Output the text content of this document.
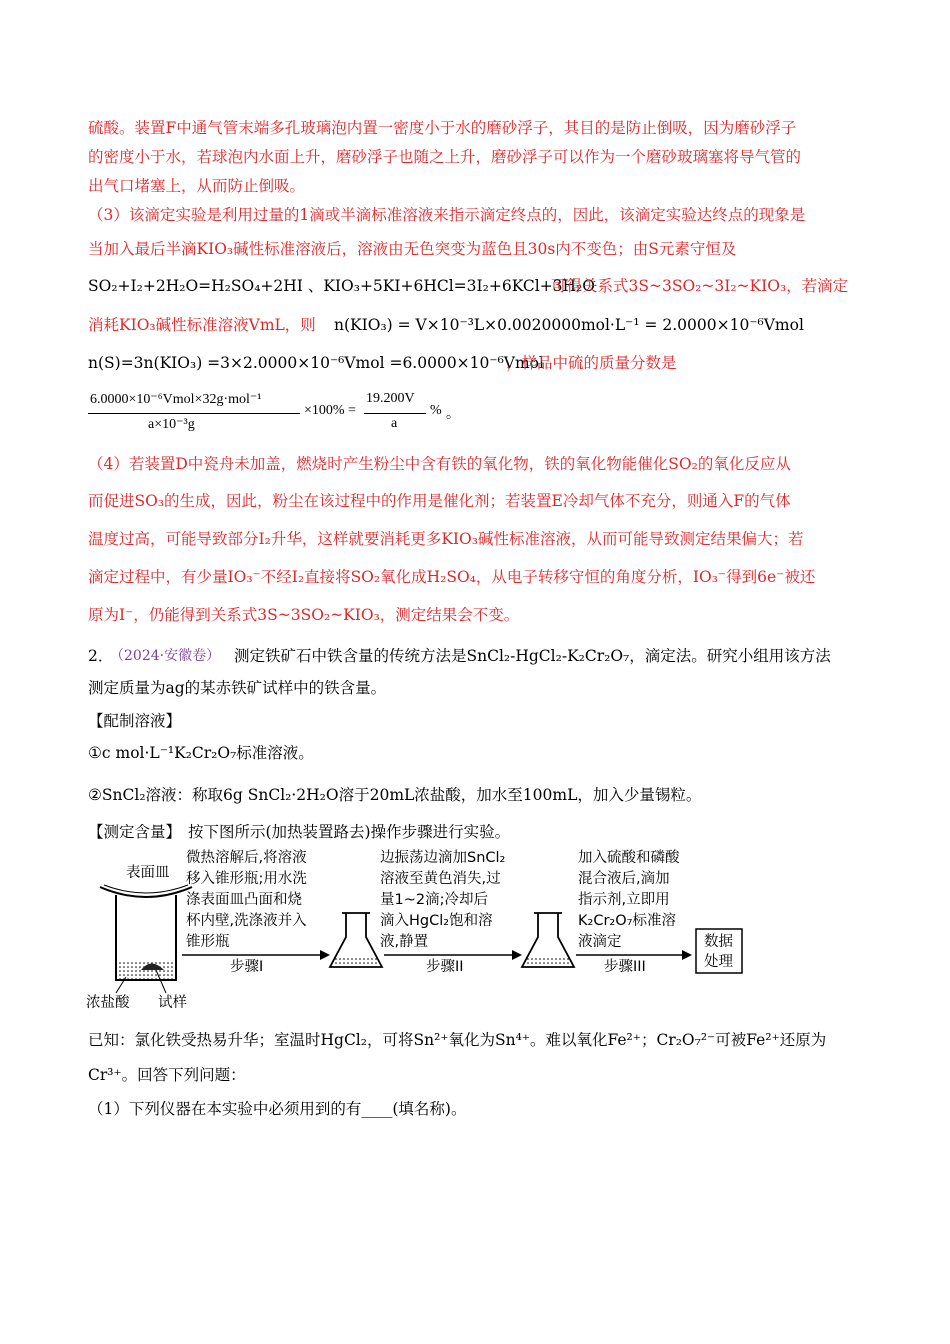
硫酸。装置F中通气管末端多孔玻璃泡内置一密度小于水的磨砂浮子，其目的是防止倒吸，因为磨砂浮子
的密度小于水，若球泡内水面上升，磨砂浮子也随之上升，磨砂浮子可以作为一个磨砂玻璃塞将导气管的
出气口堵塞上，从而防止倒吸。
（3）该滴定实验是利用过量的1滴或半滴标准溶液来指示滴定终点的，因此，该滴定实验达终点的现象是
当加入最后半滴KIO₃碱性标准溶液后，溶液由无色突变为蓝色且30s内不变色；由S元素守恒及
SO₂+I₂+2H₂O=H₂SO₄+2HI 、KIO₃+5KI+6HCl=3I₂+6KCl+3H₂O
可得关系式3S~3SO₂~3I₂~KIO₃，若滴定
消耗KIO₃碱性标准溶液VmL，则 n(KIO₃) = V×10⁻³L×0.0020000mol·L⁻¹ = 2.0000×10⁻⁶Vmol
n(S)=3n(KIO₃) =3×2.0000×10⁻⁶Vmol =6.0000×10⁻⁶Vmol
，样品中硫的质量分数是
6.0000×10⁻⁶Vmol×32g·mol⁻¹
a×10⁻³g
×100% =
19.200V
a
% 。
（4）若装置D中瓷舟未加盖，燃烧时产生粉尘中含有铁的氧化物，铁的氧化物能催化SO₂的氧化反应从
而促进SO₃的生成，因此，粉尘在该过程中的作用是催化剂；若装置E冷却气体不充分，则通入F的气体
温度过高，可能导致部分I₂升华，这样就要消耗更多KIO₃碱性标准溶液，从而可能导致测定结果偏大；若
滴定过程中，有少量IO₃⁻不经I₂直接将SO₂氧化成H₂SO₄，从电子转移守恒的角度分析，IO₃⁻得到6e⁻被还
原为I⁻，仍能得到关系式3S~3SO₂~KIO₃，测定结果会不变。
2．
（2024·安徽卷） 测定铁矿石中铁含量的传统方法是SnCl₂-HgCl₂-K₂Cr₂O₇，滴定法。研究小组用该方法
测定质量为ag的某赤铁矿试样中的铁含量。
【配制溶液】
①c mol·L⁻¹K₂Cr₂O₇标准溶液。
②SnCl₂溶液：称取6g SnCl₂·2H₂O溶于20mL浓盐酸，加水至100mL，加入少量锡粒。
【测定含量】 按下图所示(加热装置路去)操作步骤进行实验。
表面皿
浓盐酸 试样
微热溶解后,将溶液
移入锥形瓶;用水洗
涤表面皿凸面和烧
杯内壁,洗涤液并入
锥形瓶
步骤I
边振荡边滴加SnCl₂
溶液至黄色消失,过
量1~2滴;冷却后
滴入HgCl₂饱和溶
液,静置
步骤II
加入硫酸和磷酸
混合液后,滴加
指示剂,立即用
K₂Cr₂O₇标准溶
液滴定
步骤III
数据
处理
已知：氯化铁受热易升华；室温时HgCl₂，可将Sn²⁺氧化为Sn⁴⁺。难以氧化Fe²⁺；Cr₂O₇²⁻可被Fe²⁺还原为
Cr³⁺。回答下列问题：
（1）下列仪器在本实验中必须用到的有____(填名称)。
